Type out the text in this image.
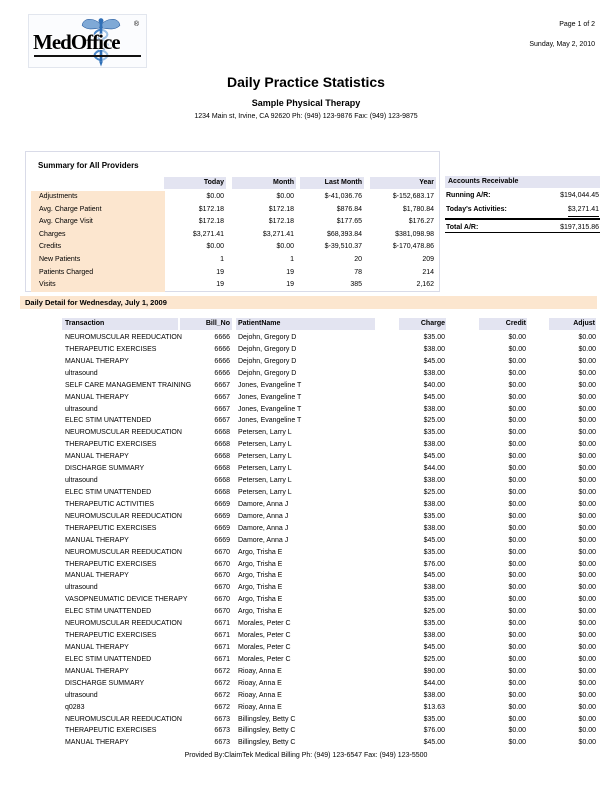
Page 1 of 2
Sunday, May 2, 2010
MedOffice
®
Daily Practice Statistics
Sample Physical Therapy
1234 Main st, Irvine, CA 92620 Ph: (949) 123-9876 Fax: (949) 123-9875
Summary for All Providers
Today	Month	Last Month	Year
Adjustments	$0.00	$0.00	$-41,036.76	$-152,683.17
Avg. Charge Patient	$172.18	$172.18	$876.84	$1,780.84
Avg. Charge Visit	$172.18	$172.18	$177.65	$176.27
Charges	$3,271.41	$3,271.41	$68,393.84	$381,098.98
Credits	$0.00	$0.00	$-39,510.37	$-170,478.86
New Patients	1	1	20	209
Patients Charged	19	19	78	214
Visits	19	19	385	2,162
Accounts Receivable
Running A/R:	$194,044.45
Today's Activities:	$3,271.41
Total A/R:	$197,315.86
Daily Detail for Wednesday, July 1, 2009
Transaction	Bill_No PatientName	Charge	Credit	Adjust
NEUROMUSCULAR REEDUCATION	6666 Dejohn, Gregory D	$35.00	$0.00	$0.00
THERAPEUTIC EXERCISES	6666 Dejohn, Gregory D	$38.00	$0.00	$0.00
MANUAL THERAPY	6666 Dejohn, Gregory D	$45.00	$0.00	$0.00
ultrasound	6666 Dejohn, Gregory D	$38.00	$0.00	$0.00
SELF CARE MANAGEMENT TRAINING	6667 Jones, Evangeline T	$40.00	$0.00	$0.00
MANUAL THERAPY	6667 Jones, Evangeline T	$45.00	$0.00	$0.00
ultrasound	6667 Jones, Evangeline T	$38.00	$0.00	$0.00
ELEC STIM UNATTENDED	6667 Jones, Evangeline T	$25.00	$0.00	$0.00
NEUROMUSCULAR REEDUCATION	6668 Petersen, Larry L	$35.00	$0.00	$0.00
THERAPEUTIC EXERCISES	6668 Petersen, Larry L	$38.00	$0.00	$0.00
MANUAL THERAPY	6668 Petersen, Larry L	$45.00	$0.00	$0.00
DISCHARGE SUMMARY	6668 Petersen, Larry L	$44.00	$0.00	$0.00
ultrasound	6668 Petersen, Larry L	$38.00	$0.00	$0.00
ELEC STIM UNATTENDED	6668 Petersen, Larry L	$25.00	$0.00	$0.00
THERAPEUTIC ACTIVITIES	6669 Damore, Anna J	$38.00	$0.00	$0.00
NEUROMUSCULAR REEDUCATION	6669 Damore, Anna J	$35.00	$0.00	$0.00
THERAPEUTIC EXERCISES	6669 Damore, Anna J	$38.00	$0.00	$0.00
MANUAL THERAPY	6669 Damore, Anna J	$45.00	$0.00	$0.00
NEUROMUSCULAR REEDUCATION	6670 Argo, Trisha E	$35.00	$0.00	$0.00
THERAPEUTIC EXERCISES	6670 Argo, Trisha E	$76.00	$0.00	$0.00
MANUAL THERAPY	6670 Argo, Trisha E	$45.00	$0.00	$0.00
ultrasound	6670 Argo, Trisha E	$38.00	$0.00	$0.00
VASOPNEUMATIC DEVICE THERAPY	6670 Argo, Trisha E	$35.00	$0.00	$0.00
ELEC STIM UNATTENDED	6670 Argo, Trisha E	$25.00	$0.00	$0.00
NEUROMUSCULAR REEDUCATION	6671 Morales, Peter C	$35.00	$0.00	$0.00
THERAPEUTIC EXERCISES	6671 Morales, Peter C	$38.00	$0.00	$0.00
MANUAL THERAPY	6671 Morales, Peter C	$45.00	$0.00	$0.00
ELEC STIM UNATTENDED	6671 Morales, Peter C	$25.00	$0.00	$0.00
MANUAL THERAPY	6672 Rioay, Anna E	$90.00	$0.00	$0.00
DISCHARGE SUMMARY	6672 Rioay, Anna E	$44.00	$0.00	$0.00
ultrasound	6672 Rioay, Anna E	$38.00	$0.00	$0.00
q0283	6672 Rioay, Anna E	$13.63	$0.00	$0.00
NEUROMUSCULAR REEDUCATION	6673 Billingsley, Betty C	$35.00	$0.00	$0.00
THERAPEUTIC EXERCISES	6673 Billingsley, Betty C	$76.00	$0.00	$0.00
MANUAL THERAPY	6673 Billingsley, Betty C	$45.00	$0.00	$0.00
Provided By:ClaimTek Medical Billing Ph: (949) 123-6547 Fax: (949) 123-5500
